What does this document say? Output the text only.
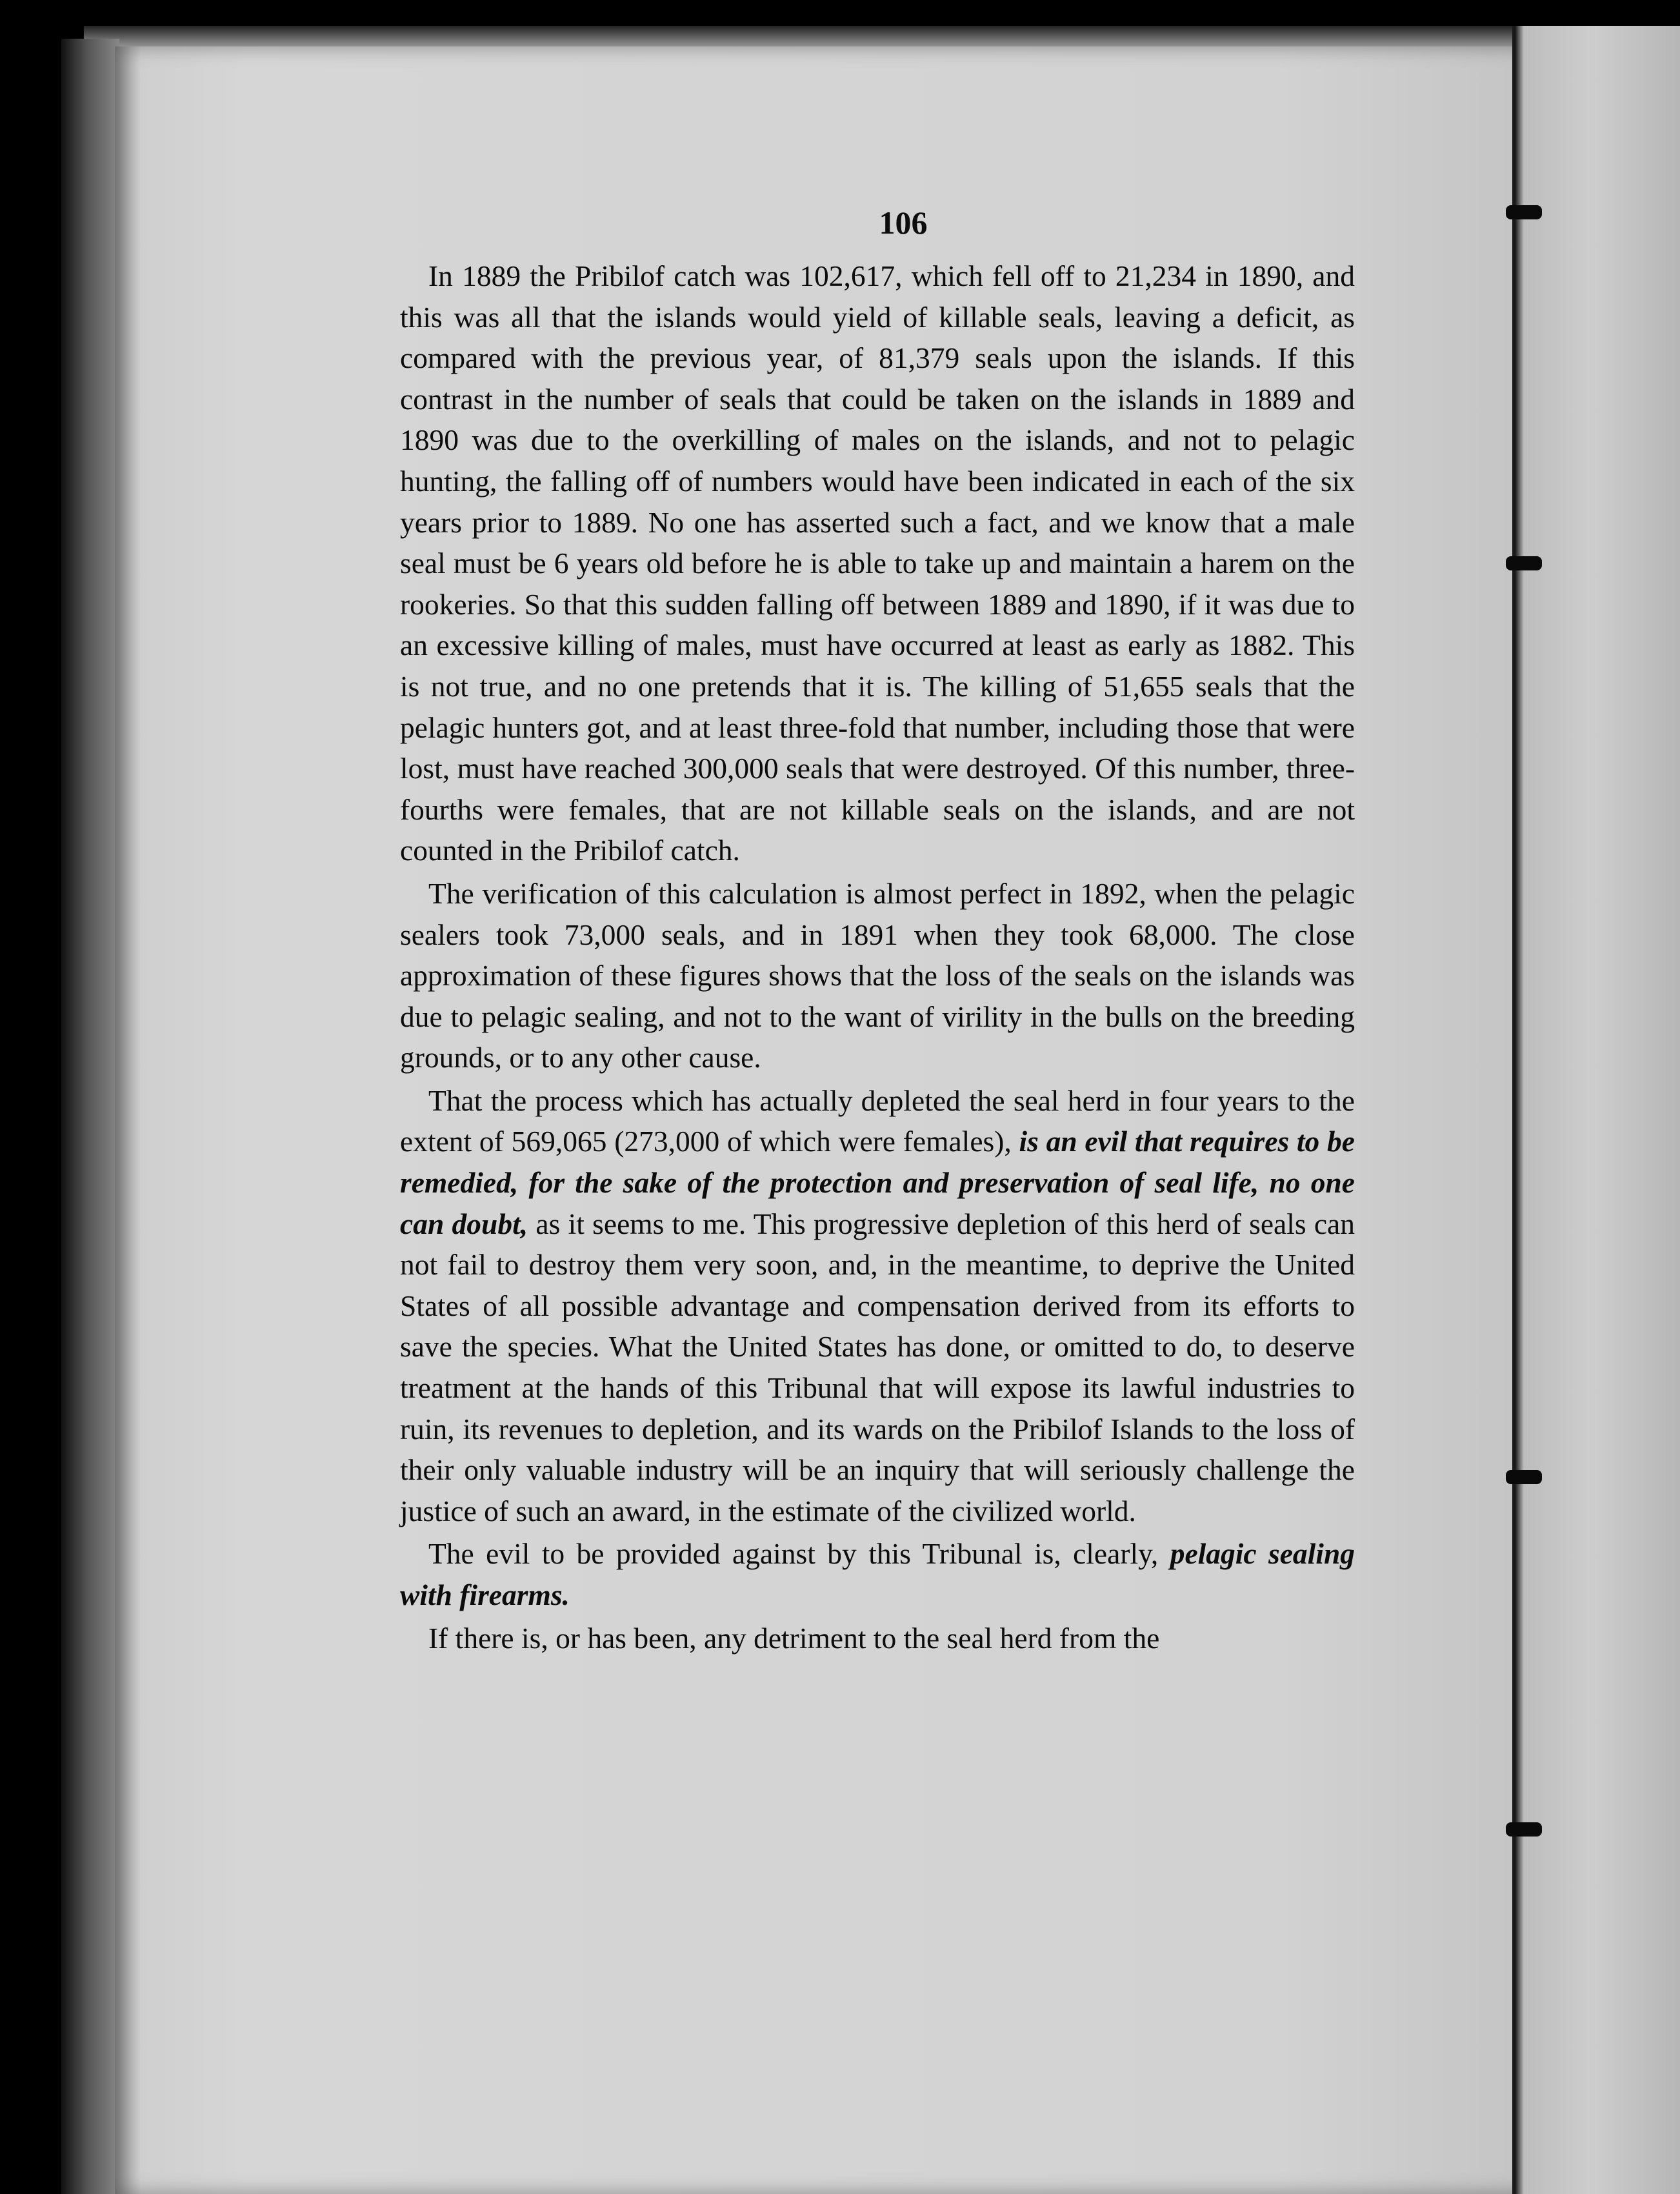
106

In 1889 the Pribilof catch was 102,617, which fell off to 21,234 in 1890, and this was all that the islands would yield of killable seals, leaving a deficit, as compared with the previous year, of 81,379 seals upon the islands. If this contrast in the number of seals that could be taken on the islands in 1889 and 1890 was due to the overkilling of males on the islands, and not to pelagic hunting, the falling off of numbers would have been indicated in each of the six years prior to 1889. No one has asserted such a fact, and we know that a male seal must be 6 years old before he is able to take up and maintain a harem on the rookeries. So that this sudden falling off between 1889 and 1890, if it was due to an excessive killing of males, must have occurred at least as early as 1882. This is not true, and no one pretends that it is. The killing of 51,655 seals that the pelagic hunters got, and at least three-fold that number, including those that were lost, must have reached 300,000 seals that were destroyed. Of this number, three-fourths were females, that are not killable seals on the islands, and are not counted in the Pribilof catch.

The verification of this calculation is almost perfect in 1892, when the pelagic sealers took 73,000 seals, and in 1891 when they took 68,000. The close approximation of these figures shows that the loss of the seals on the islands was due to pelagic sealing, and not to the want of virility in the bulls on the breeding grounds, or to any other cause.

That the process which has actually depleted the seal herd in four years to the extent of 569,065 (273,000 of which were females), is an evil that requires to be remedied, for the sake of the protection and preservation of seal life, no one can doubt, as it seems to me. This progressive depletion of this herd of seals can not fail to destroy them very soon, and, in the meantime, to deprive the United States of all possible advantage and compensation derived from its efforts to save the species. What the United States has done, or omitted to do, to deserve treatment at the hands of this Tribunal that will expose its lawful industries to ruin, its revenues to depletion, and its wards on the Pribilof Islands to the loss of their only valuable industry will be an inquiry that will seriously challenge the justice of such an award, in the estimate of the civilized world.

The evil to be provided against by this Tribunal is, clearly, pelagic sealing with firearms.

If there is, or has been, any detriment to the seal herd from the
